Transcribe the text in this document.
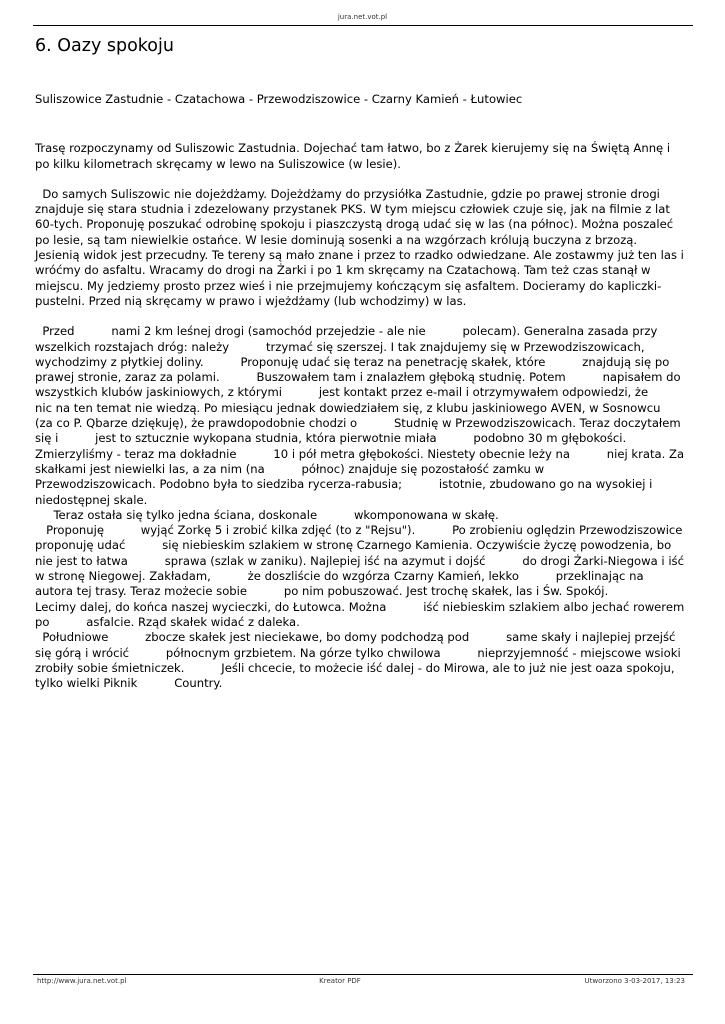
jura.net.vot.pl
6. Oazy spokoju

Suliszowice Zastudnie - Czatachowa - Przewodziszowice - Czarny Kamień - Łutowiec

Trasę rozpoczynamy od Suliszowic Zastudnia. Dojechać tam łatwo, bo z Żarek kierujemy się na Świętą Annę i po kilku kilometrach skręcamy w lewo na Suliszowice (w lesie).

Do samych Suliszowic nie dojeżdżamy. Dojeżdżamy do przysiółka Zastudnie, gdzie po prawej stronie drogi znajduje się stara studnia i zdezelowany przystanek PKS. W tym miejscu człowiek czuje się, jak na filmie z lat 60-tych. Proponuję poszukać odrobinę spokoju i piaszczystą drogą udać się w las (na północ). Można poszaleć po lesie, są tam niewielkie ostańce. W lesie dominują sosenki a na wzgórzach królują buczyna z brzozą. Jesienią widok jest przecudny. Te tereny są mało znane i przez to rzadko odwiedzane. Ale zostawmy już ten las i wróćmy do asfaltu. Wracamy do drogi na Żarki i po 1 km skręcamy na Czatachową. Tam też czas stanął w miejscu. My jedziemy prosto przez wieś i nie przejmujemy kończącym się asfaltem. Docieramy do kapliczki-pustelni. Przed nią skręcamy w prawo i wjeżdżamy (lub wchodzimy) w las.

Przed          nami 2 km leśnej drogi (samochód przejedzie - ale nie          polecam). Generalna zasada przy wszelkich rozstajach dróg: należy          trzymać się szerszej. I tak znajdujemy się w Przewodziszowicach, wychodzimy z płytkiej doliny.          Proponuję udać się teraz na penetrację skałek, które          znajdują się po prawej stronie, zaraz za polami.          Buszowałem tam i znalazłem głęboką studnię. Potem          napisałem do wszystkich klubów jaskiniowych, z którymi          jest kontakt przez e-mail i otrzymywałem odpowiedzi, że          nic na ten temat nie wiedzą. Po miesiącu jednak dowiedziałem się, z klubu jaskiniowego AVEN, w Sosnowcu          (za co P. Qbarze dziękuję), że prawdopodobnie chodzi o          Studnię w Przewodziszowicach. Teraz doczytałem się i          jest to sztucznie wykopana studnia, która pierwotnie miała          podobno 30 m głębokości. Zmierzyliśmy - teraz ma dokładnie          10 i pół metra głębokości. Niestety obecnie leży na          niej krata. Za skałkami jest niewielki las, a za nim (na          północ) znajduje się pozostałość zamku w          Przewodziszowicach. Podobno była to siedziba rycerza-rabusia;          istotnie, zbudowano go na wysokiej i niedostępnej skale.
Teraz ostała się tylko jedna ściana, doskonale          wkomponowana w skałę.
Proponuję          wyjąć Zorkę 5 i zrobić kilka zdjęć (to z "Rejsu").          Po zrobieniu oględzin Przewodziszowice proponuję udać          się niebieskim szlakiem w stronę Czarnego Kamienia. Oczywiście życzę powodzenia, bo nie jest to łatwa          sprawa (szlak w zaniku). Najlepiej iść na azymut i dojść          do drogi Żarki-Niegowa i iść w stronę Niegowej. Zakładam,          że doszliście do wzgórza Czarny Kamień, lekko          przeklinając na autora tej trasy. Teraz możecie sobie          po nim pobuszować. Jest trochę skałek, las i Św. Spokój.          Lecimy dalej, do końca naszej wycieczki, do Łutowca. Można          iść niebieskim szlakiem albo jechać rowerem po          asfalcie. Rząd skałek widać z daleka.
Południowe          zbocze skałek jest nieciekawe, bo domy podchodzą pod          same skały i najlepiej przejść się górą i wrócić          północnym grzbietem. Na górze tylko chwilowa          nieprzyjemność - miejscowe wsioki zrobiły sobie śmietniczek.          Jeśli chcecie, to możecie iść dalej - do Mirowa, ale to już nie jest oaza spokoju, tylko wielki Piknik          Country.

http://www.jura.net.vot.pl	Kreator PDF	Utworzono 3-03-2017, 13:23
